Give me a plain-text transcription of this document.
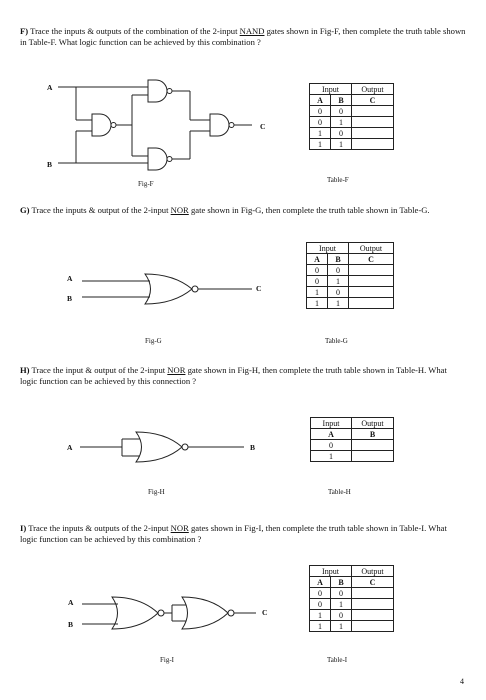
F) Trace the inputs & outputs of the combination of the 2-input NAND gates shown in Fig-F, then complete the truth table shown in Table-F. What logic function can be achieved by this combination ?
A
B
C
Input		Output
A	B	C
0	0	
0	1	
1	0	
1	1	
Fig-F	Table-F
G) Trace the inputs & output of the 2-input NOR gate shown in Fig-G, then complete the truth table shown in Table-G.
A
B
C
Input		Output
A	B	C
0	0	
0	1	
1	0	
1	1	
Fig-G	Table-G
H) Trace the input & output of the 2-input NOR gate shown in Fig-H, then complete the truth table shown in Table-H. What logic function can be achieved by this connection ?
A	B
Input	Output
A	B
0	
1	
Fig-H	Table-H
I) Trace the inputs & outputs of the 2-input NOR gates shown in Fig-I, then complete the truth table shown in Table-I. What logic function can be achieved by this combination ?
A
B
C
Input		Output
A	B	C
0	0	
0	1	
1	0	
1	1	
Fig-I	Table-I
4
